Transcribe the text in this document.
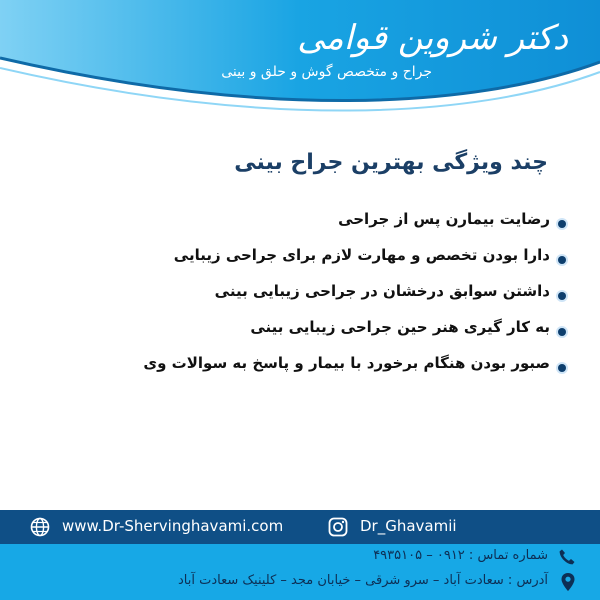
دکتر شروین قوامی
جراح و متخصص گوش و حلق و بینی
چند ویژگی بهترین جراح بینی
رضایت بیمارن پس از جراحی
دارا بودن تخصص و مهارت لازم برای جراحی زیبایی
داشتن سوابق درخشان در جراحی زیبایی بینی
به کار گیری هنر حین جراحی زیبایی بینی
صبور بودن هنگام برخورد با بیمار و پاسخ به سوالات وی
www.Dr-Shervinghavami.com	Dr_Ghavamii
شماره تماس : ۰۹۱۲ – ۴۹۳۵۱۰۵
آدرس : سعادت آباد – سرو شرقی – خیابان مجد – کلینیک سعادت آباد
